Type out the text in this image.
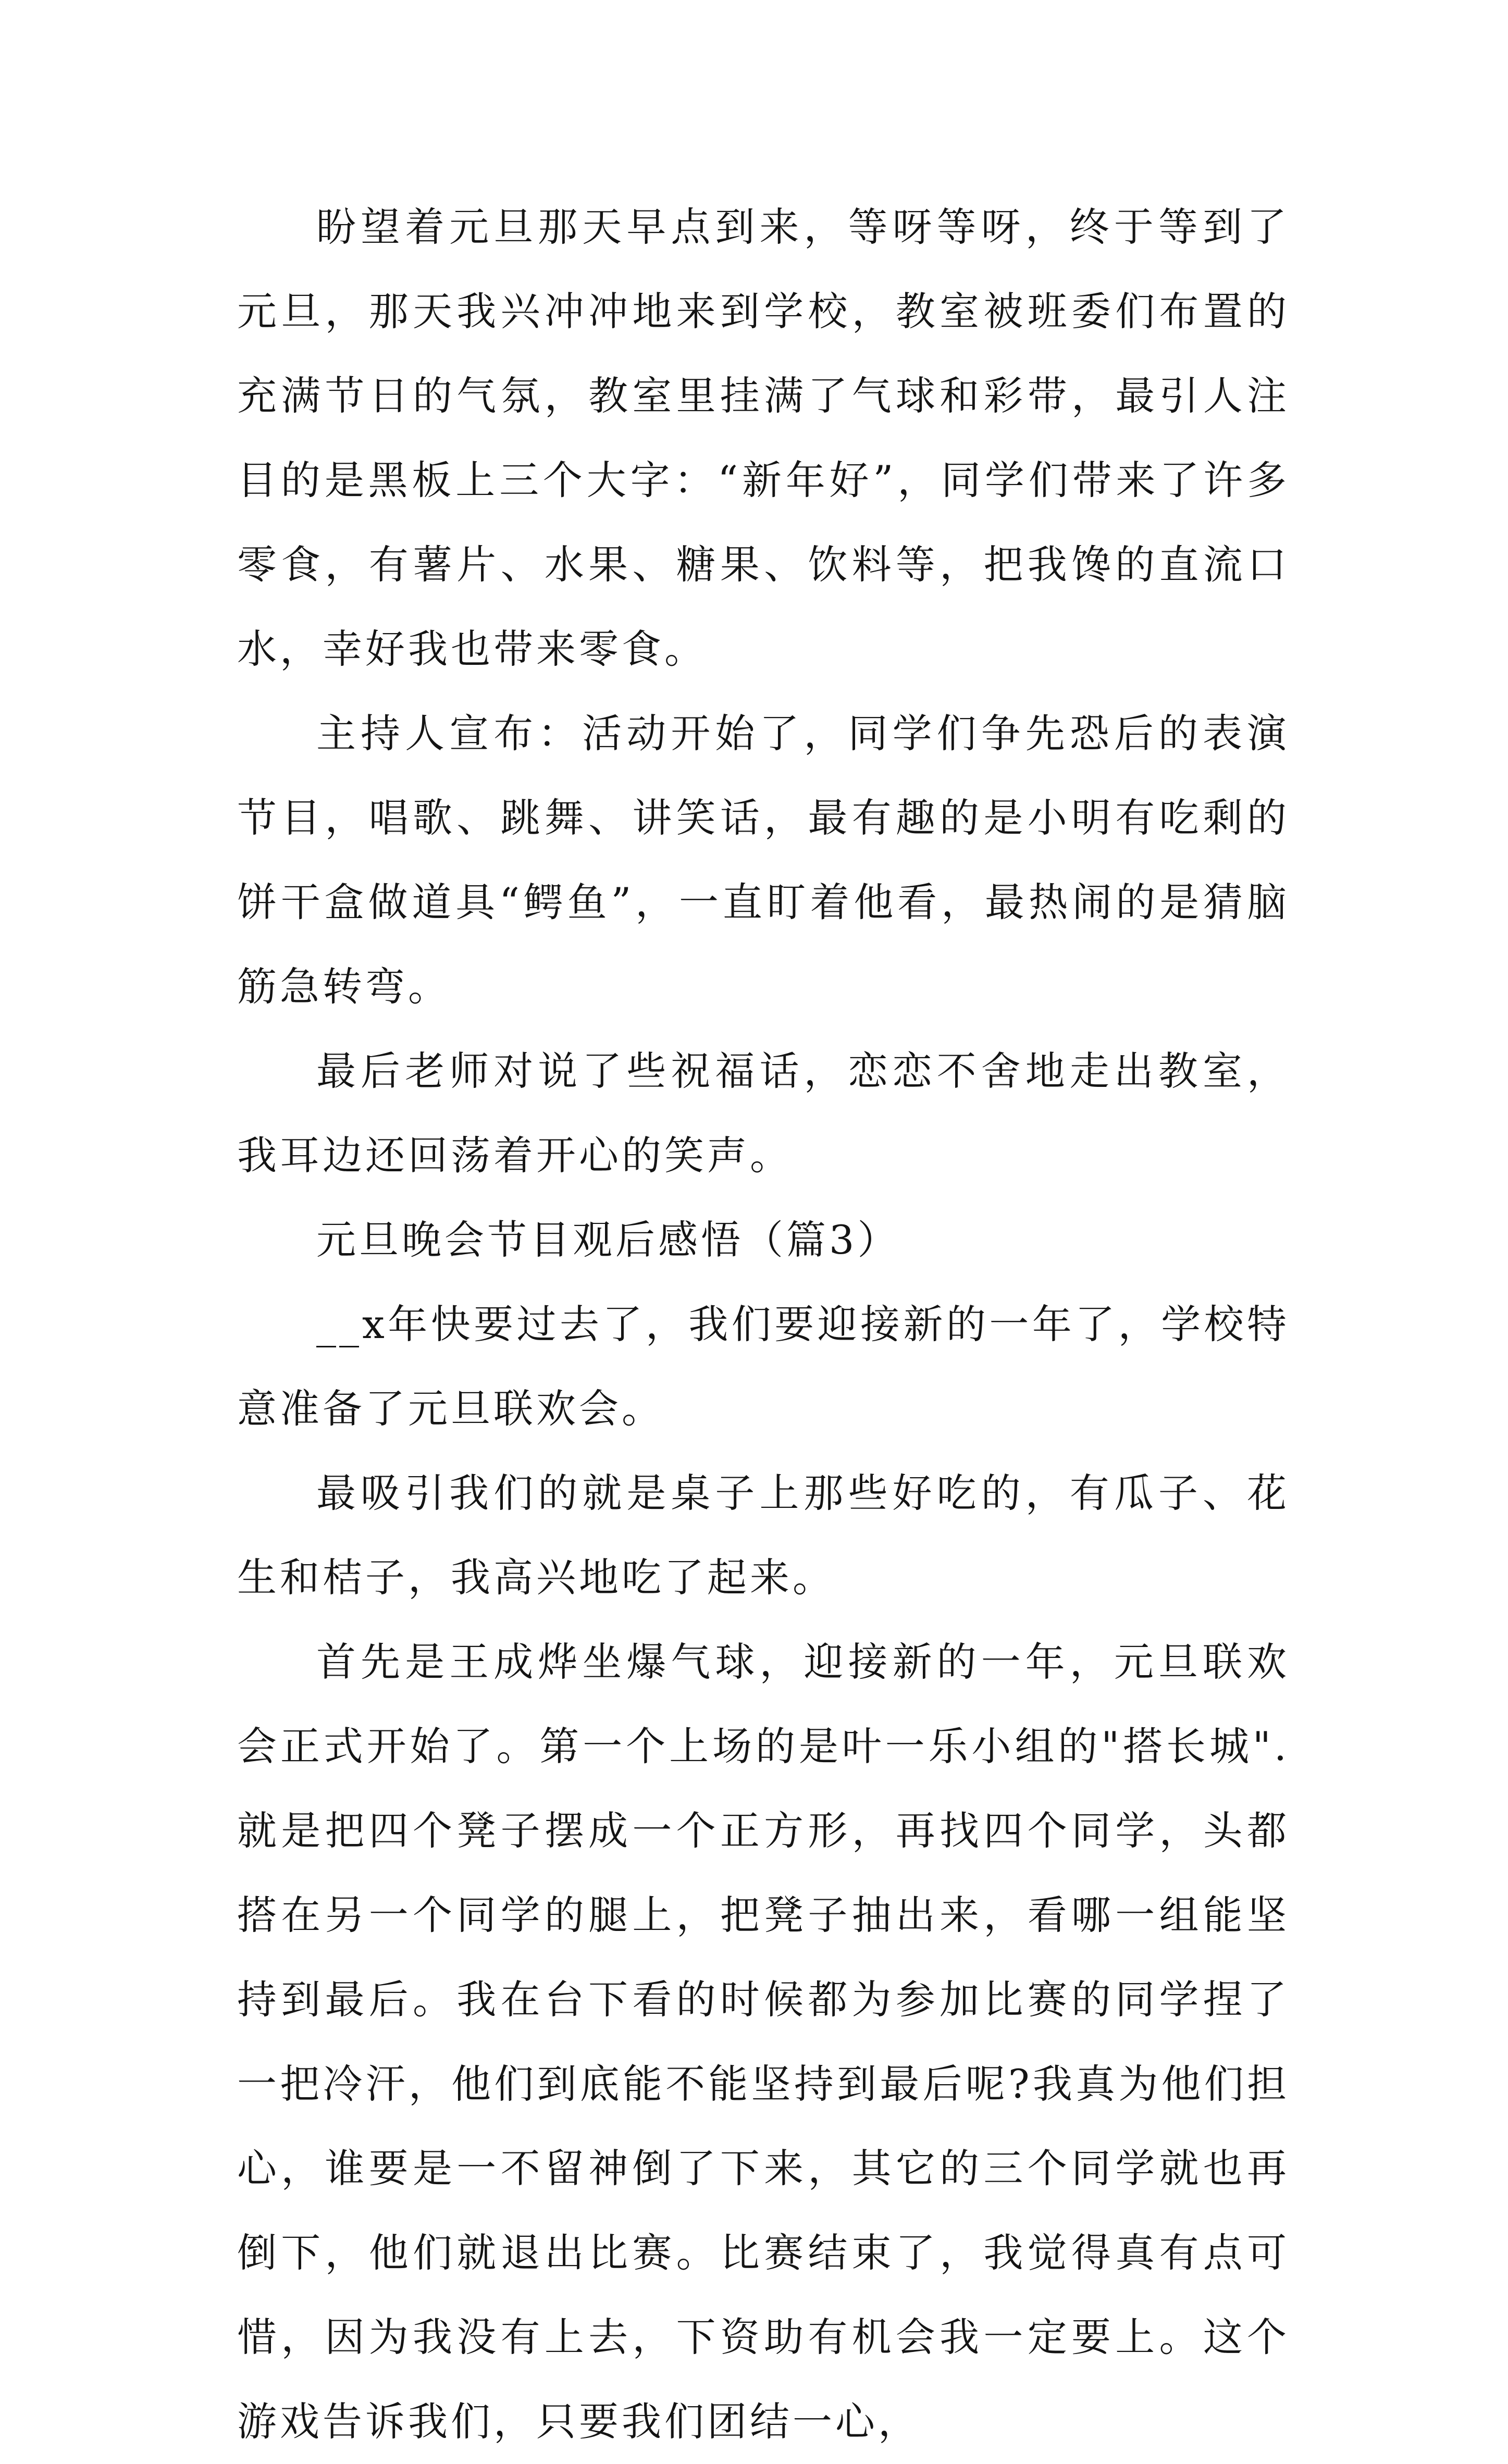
盼望着元旦那天早点到来，等呀等呀，终于等到了元旦，那天我兴冲冲地来到学校，教室被班委们布置的充满节日的气氛，教室里挂满了气球和彩带，最引人注目的是黑板上三个大字：“新年好”，同学们带来了许多零食，有薯片、水果、糖果、饮料等，把我馋的直流口水，幸好我也带来零食。

主持人宣布：活动开始了，同学们争先恐后的表演节目，唱歌、跳舞、讲笑话，最有趣的是小明有吃剩的饼干盒做道具“鳄鱼”，一直盯着他看，最热闹的是猜脑筋急转弯。

最后老师对说了些祝福话，恋恋不舍地走出教室，我耳边还回荡着开心的笑声。

元旦晚会节目观后感悟（篇3）

__x年快要过去了，我们要迎接新的一年了，学校特意准备了元旦联欢会。

最吸引我们的就是桌子上那些好吃的，有瓜子、花生和桔子，我高兴地吃了起来。

首先是王成烨坐爆气球，迎接新的一年，元旦联欢会正式开始了。第一个上场的是叶一乐小组的"搭长城".就是把四个凳子摆成一个正方形，再找四个同学，头都搭在另一个同学的腿上，把凳子抽出来，看哪一组能坚持到最后。我在台下看的时候都为参加比赛的同学捏了一把冷汗，他们到底能不能坚持到最后呢?我真为他们担心，谁要是一不留神倒了下来，其它的三个同学就也再倒下，他们就退出比赛。比赛结束了，我觉得真有点可惜，因为我没有上去，下资助有机会我一定要上。这个游戏告诉我们，只要我们团结一心，
